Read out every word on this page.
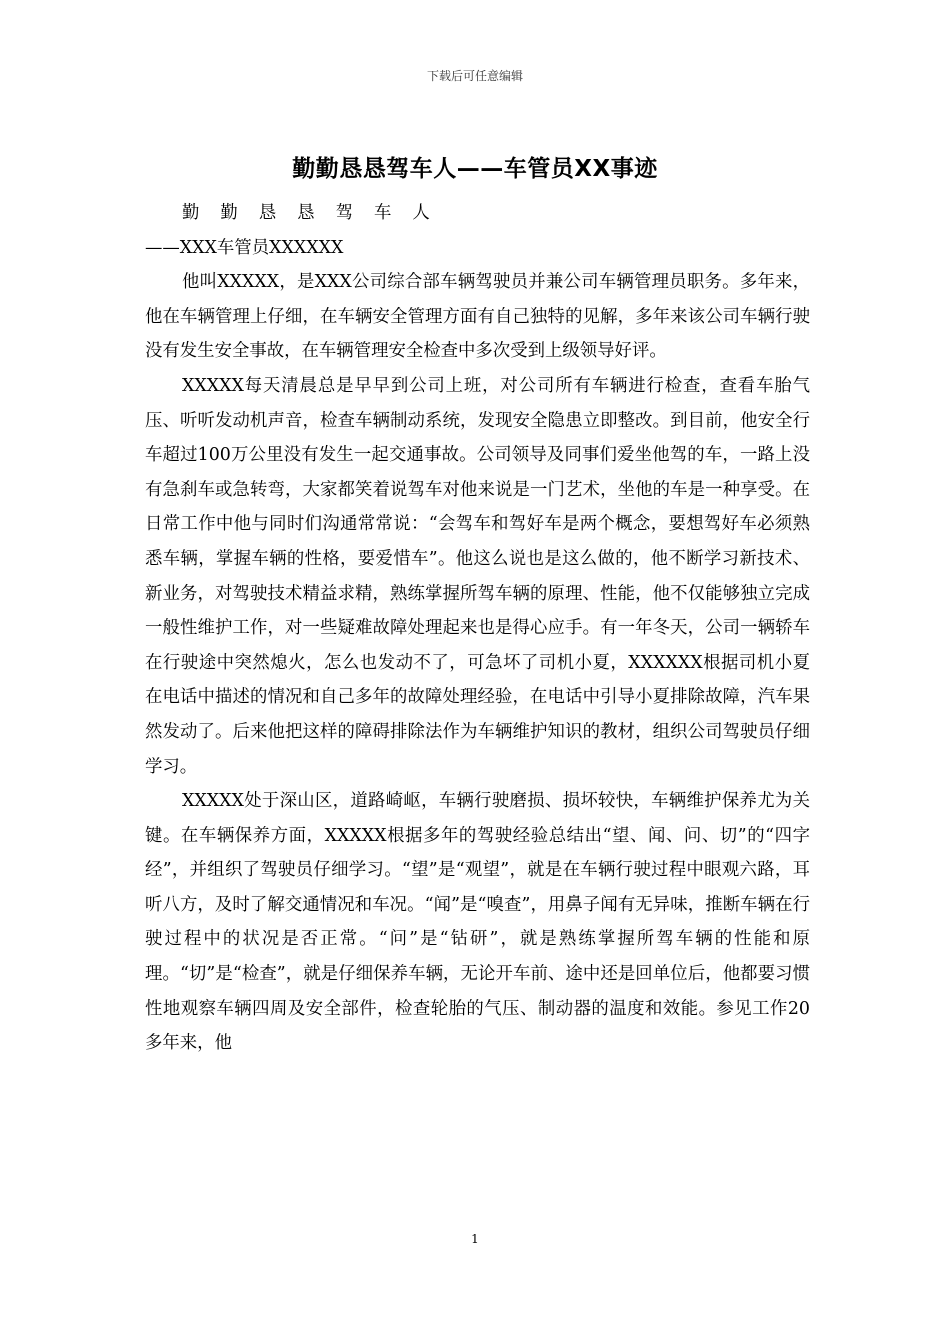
下载后可任意编辑
勤勤恳恳驾车人——车管员XX事迹

勤勤恳恳驾车人

——XXX车管员XXXXXX

他叫XXXXX，是XXX公司综合部车辆驾驶员并兼公司车辆管理员职务。多年来，他在车辆管理上仔细，在车辆安全管理方面有自己独特的见解，多年来该公司车辆行驶没有发生安全事故，在车辆管理安全检查中多次受到上级领导好评。

XXXXX每天清晨总是早早到公司上班，对公司所有车辆进行检查，查看车胎气压、听听发动机声音，检查车辆制动系统，发现安全隐患立即整改。到目前，他安全行车超过100万公里没有发生一起交通事故。公司领导及同事们爱坐他驾的车，一路上没有急刹车或急转弯，大家都笑着说驾车对他来说是一门艺术，坐他的车是一种享受。在日常工作中他与同时们沟通常常说：“会驾车和驾好车是两个概念，要想驾好车必须熟悉车辆，掌握车辆的性格，要爱惜车”。他这么说也是这么做的，他不断学习新技术、新业务，对驾驶技术精益求精，熟练掌握所驾车辆的原理、性能，他不仅能够独立完成一般性维护工作，对一些疑难故障处理起来也是得心应手。有一年冬天，公司一辆轿车在行驶途中突然熄火，怎么也发动不了，可急坏了司机小夏，XXXXXX根据司机小夏在电话中描述的情况和自己多年的故障处理经验，在电话中引导小夏排除故障，汽车果然发动了。后来他把这样的障碍排除法作为车辆维护知识的教材，组织公司驾驶员仔细学习。

XXXXX处于深山区，道路崎岖，车辆行驶磨损、损坏较快，车辆维护保养尤为关键。在车辆保养方面，XXXXX根据多年的驾驶经验总结出“望、闻、问、切”的“四字经”，并组织了驾驶员仔细学习。“望”是“观望”，就是在车辆行驶过程中眼观六路，耳听八方，及时了解交通情况和车况。“闻”是“嗅查”，用鼻子闻有无异味，推断车辆在行驶过程中的状况是否正常。“问”是“钻研”，就是熟练掌握所驾车辆的性能和原理。“切”是“检查”，就是仔细保养车辆，无论开车前、途中还是回单位后，他都要习惯性地观察车辆四周及安全部件，检查轮胎的气压、制动器的温度和效能。参见工作20多年来，他

1
